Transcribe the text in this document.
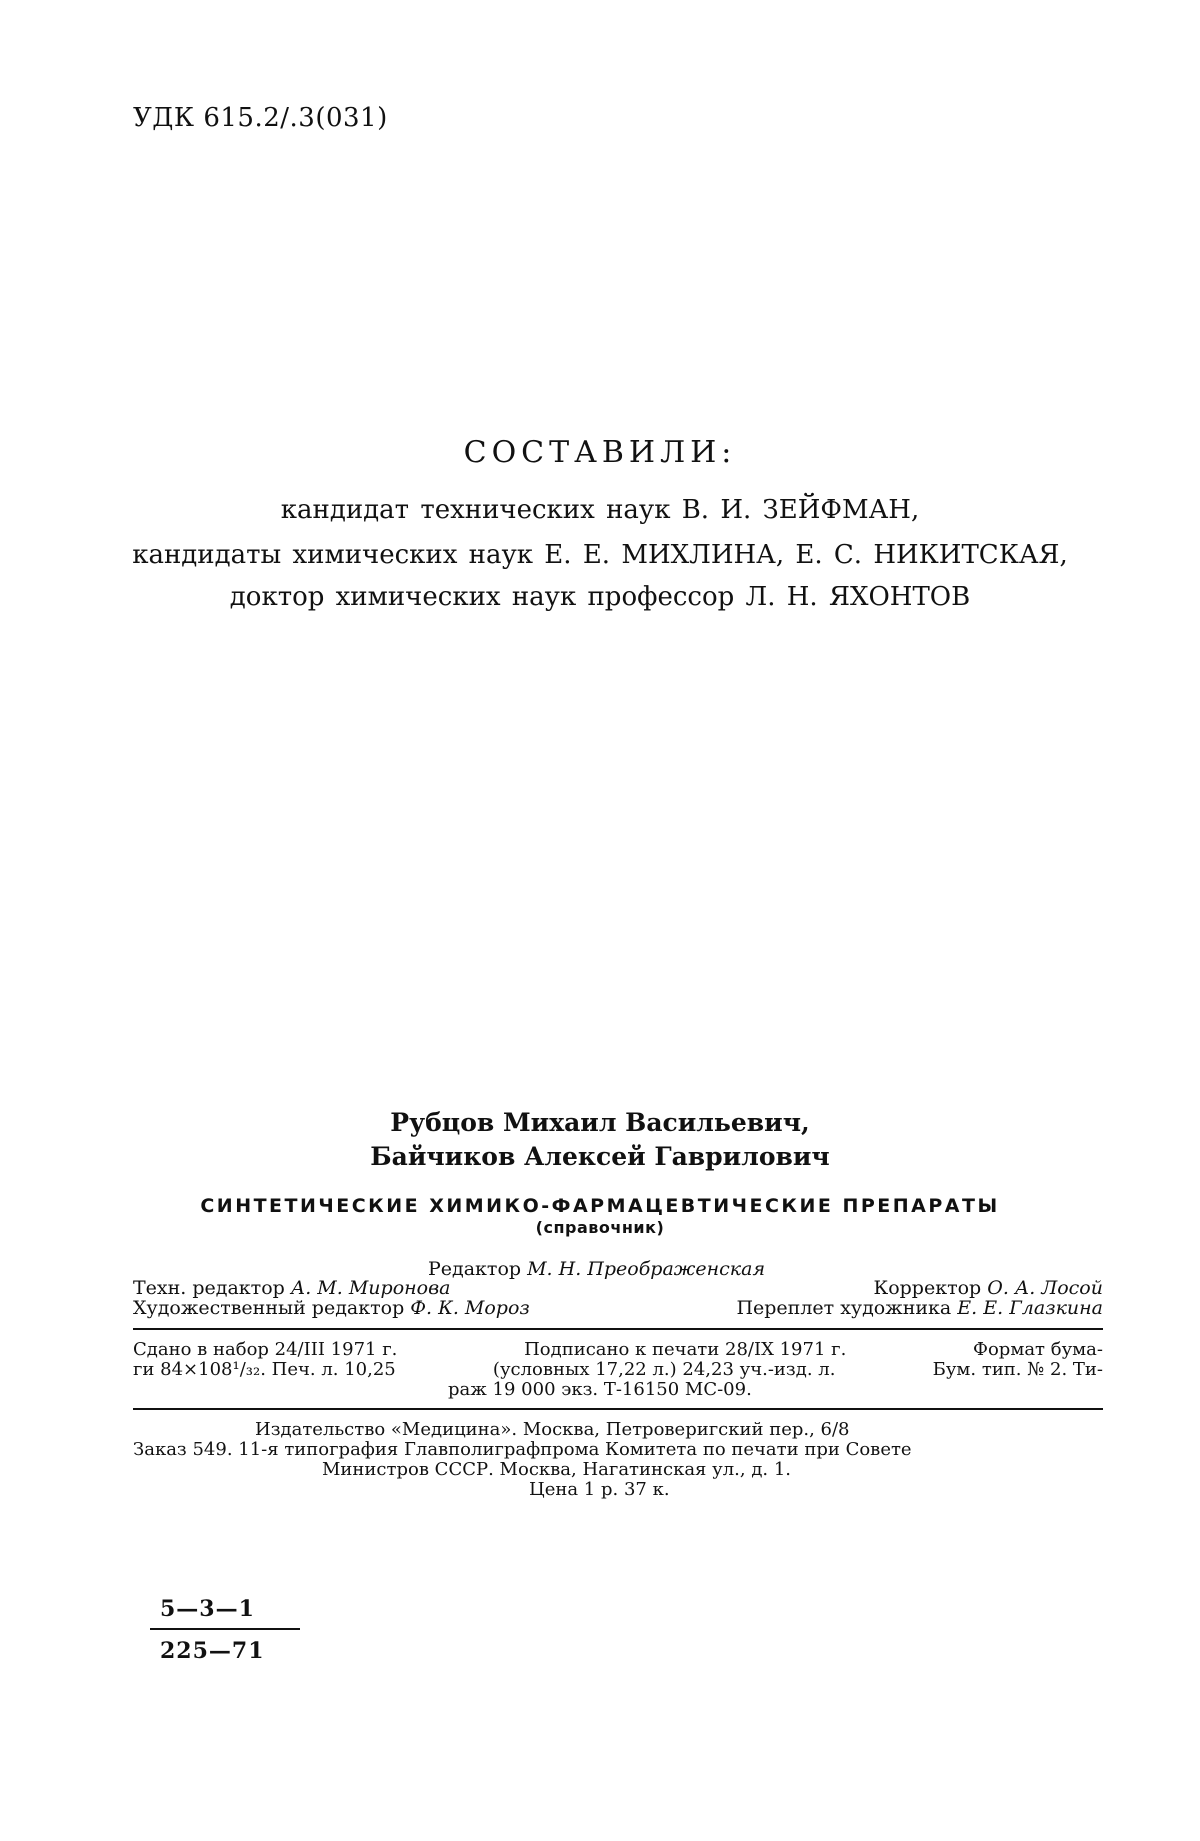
УДК 615.2/.3(031)
СОСТАВИЛИ:
кандидат технических наук В. И. ЗЕЙФМАН,
кандидаты химических наук Е. Е. МИХЛИНА, Е. С. НИКИТСКАЯ,
доктор химических наук профессор Л. Н. ЯХОНТОВ
Рубцов Михаил Васильевич,
Байчиков Алексей Гаврилович
СИНТЕТИЧЕСКИЕ ХИМИКО-ФАРМАЦЕВТИЧЕСКИЕ ПРЕПАРАТЫ
(справочник)
Редактор М. Н. Преображенская
Техн. редактор А. М. Миронова	Корректор О. А. Лосой
Художественный редактор Ф. К. Мороз	Переплет художника Е. Е. Глазкина
Сдано в набор 24/III 1971 г.	Подписано к печати 28/IX 1971 г.	Формат бума-
ги 84×108¹/₃₂. Печ. л. 10,25	(условных 17,22 л.) 24,23 уч.-изд. л.	Бум. тип. № 2. Ти-
раж 19 000 экз. Т-16150 МС-09.
Издательство «Медицина». Москва, Петроверигский пер., 6/8
Заказ 549. 11-я типография Главполиграфпрома Комитета по печати при Совете
Министров СССР. Москва, Нагатинская ул., д. 1.
Цена 1 р. 37 к.
5—3—1
225—71
